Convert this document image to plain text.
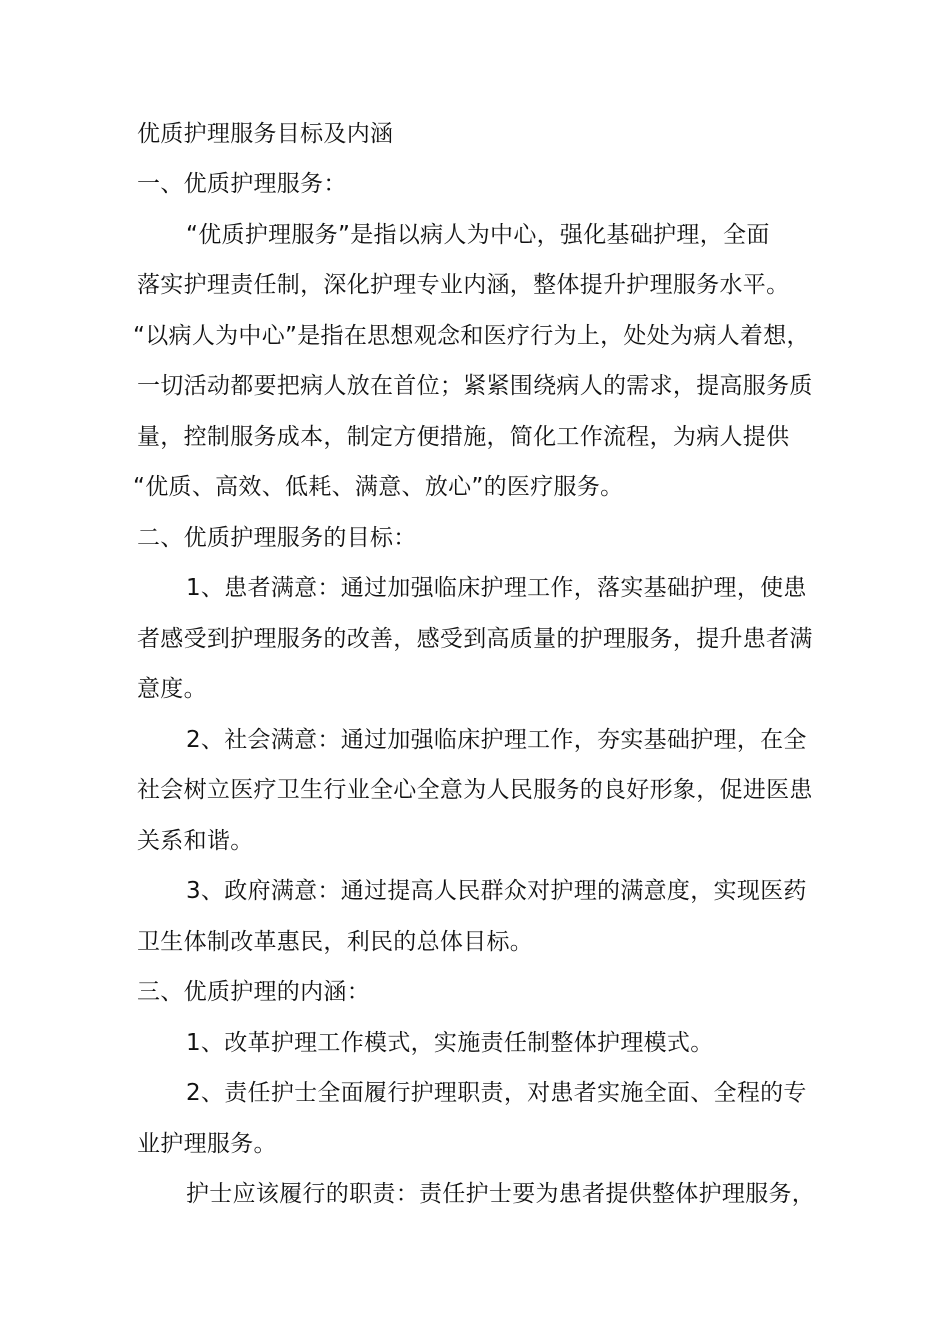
优质护理服务目标及内涵
一、优质护理服务：
“优质护理服务”是指以病人为中心，强化基础护理，全面
落实护理责任制，深化护理专业内涵，整体提升护理服务水平。
“以病人为中心”是指在思想观念和医疗行为上，处处为病人着想，
一切活动都要把病人放在首位；紧紧围绕病人的需求，提高服务质
量，控制服务成本，制定方便措施，简化工作流程，为病人提供
“优质、高效、低耗、满意、放心”的医疗服务。
二、优质护理服务的目标：
1、患者满意：通过加强临床护理工作，落实基础护理，使患
者感受到护理服务的改善，感受到高质量的护理服务，提升患者满
意度。
2、社会满意：通过加强临床护理工作，夯实基础护理，在全
社会树立医疗卫生行业全心全意为人民服务的良好形象，促进医患
关系和谐。
3、政府满意：通过提高人民群众对护理的满意度，实现医药
卫生体制改革惠民，利民的总体目标。
三、优质护理的内涵：
1、改革护理工作模式，实施责任制整体护理模式。
2、责任护士全面履行护理职责，对患者实施全面、全程的专
业护理服务。
护士应该履行的职责：责任护士要为患者提供整体护理服务，
